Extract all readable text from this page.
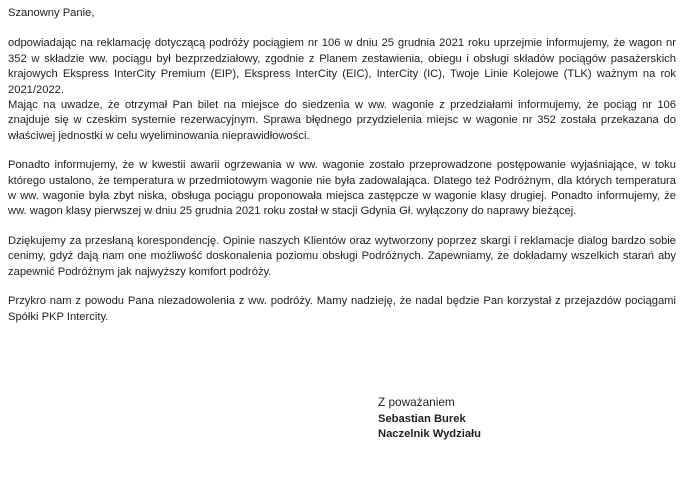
Szanowny Panie,

odpowiadając na reklamację dotyczącą podróży pociągiem nr 106 w dniu 25 grudnia 2021 roku uprzejmie informujemy, że wagon nr 352 w składzie ww. pociągu był bezprzedziałowy, zgodnie z Planem zestawienia, obiegu i obsługi składów pociągów pasażerskich krajowych Ekspress InterCity Premium (EIP), Ekspress InterCity (EIC), InterCity (IC), Twoje Linie Kolejowe (TLK) ważnym na rok 2021/2022.
Mając na uwadze, że otrzymał Pan bilet na miejsce do siedzenia w ww. wagonie z przedziałami informujemy, że pociąg nr 106 znajduje się w czeskim systemie rezerwacyjnym. Sprawa błędnego przydzielenia miejsc w wagonie nr 352 została przekazana do właściwej jednostki w celu wyeliminowania nieprawidłowości.

Ponadto informujemy, że w kwestii awarii ogrzewania w ww. wagonie zostało przeprowadzone postępowanie wyjaśniające, w toku którego ustalono, że temperatura w przedmiotowym wagonie nie była zadowalająca. Dlatego też Podróżnym, dla których temperatura w ww. wagonie była zbyt niska, obsługa pociągu proponowała miejsca zastępcze w wagonie klasy drugiej. Ponadto informujemy, że ww. wagon klasy pierwszej w dniu 25 grudnia 2021 roku został w stacji Gdynia Gł. wyłączony do naprawy bieżącej.

Dziękujemy za przesłaną korespondencję. Opinie naszych Klientów oraz wytworzony poprzez skargi i reklamacje dialog bardzo sobie cenimy, gdyż dają nam one możliwość doskonalenia poziomu obsługi Podróżnych. Zapewniamy, że dokładamy wszelkich starań aby zapewnić Podróżnym jak najwyższy komfort podróży.

Przykro nam z powodu Pana niezadowolenia z ww. podróży. Mamy nadzieję, że nadal będzie Pan korzystał z przejazdów pociągami Spółki PKP Intercity.

Z poważaniem
Sebastian Burek
Naczelnik Wydziału
